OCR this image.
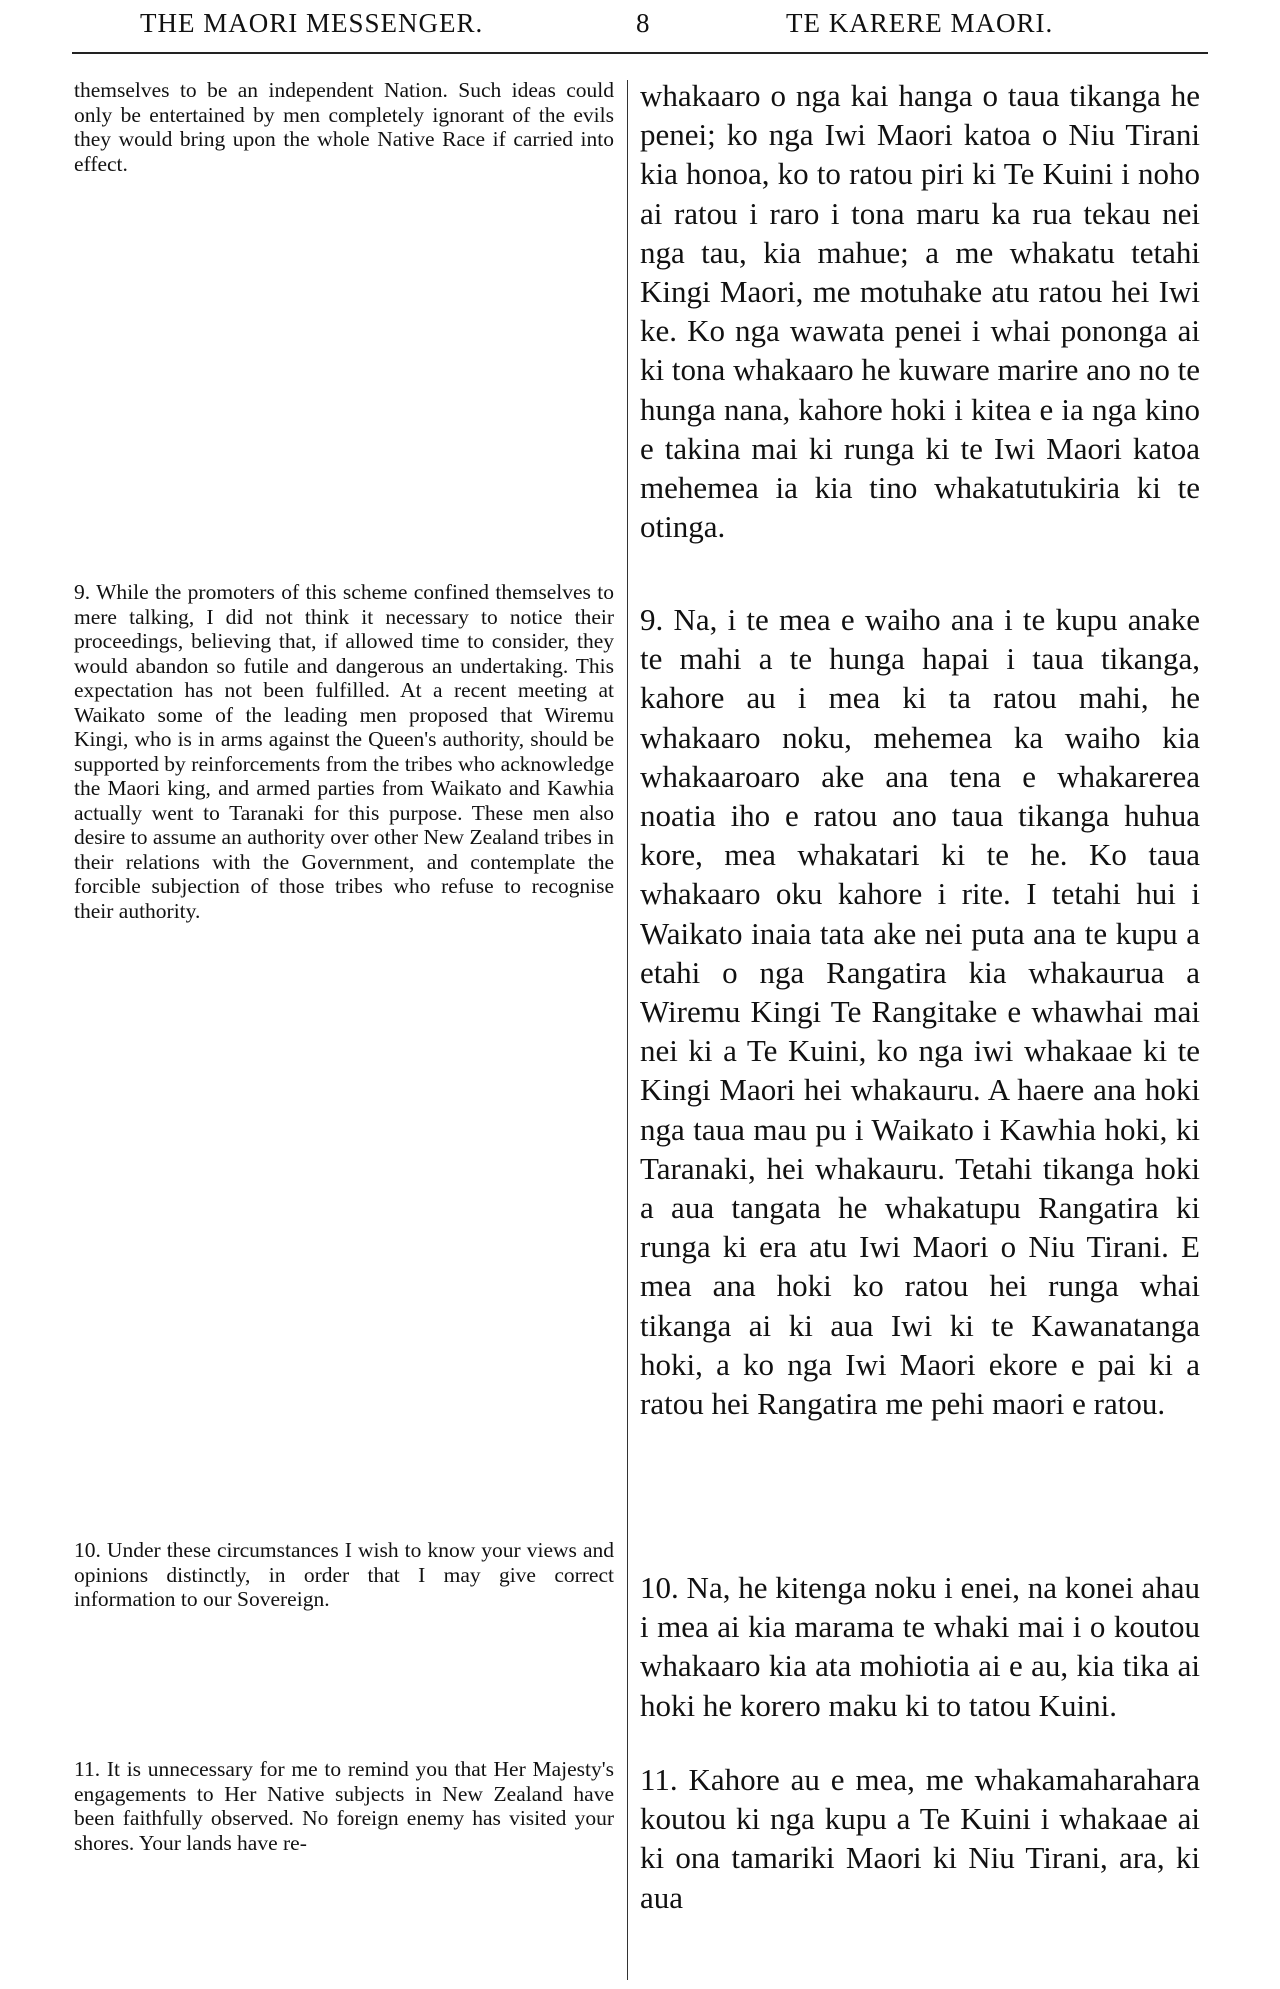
THE MAORI MESSENGER.	8	TE KARERE MAORI.

themselves to be an independent Nation. Such ideas could only be entertained by men completely ignorant of the evils they would bring upon the whole Native Race if carried into effect.

9. While the promoters of this scheme confined themselves to mere talking, I did not think it necessary to notice their proceedings, believing that, if allowed time to consider, they would abandon so futile and dangerous an undertaking. This expectation has not been fulfilled. At a recent meeting at Waikato some of the leading men proposed that Wiremu Kingi, who is in arms against the Queen's authority, should be supported by reinforcements from the tribes who acknowledge the Maori king, and armed parties from Waikato and Kawhia actually went to Taranaki for this purpose. These men also desire to assume an authority over other New Zealand tribes in their relations with the Government, and contemplate the forcible subjection of those tribes who refuse to recognise their authority.

10. Under these circumstances I wish to know your views and opinions distinctly, in order that I may give correct information to our Sovereign.

11. It is unnecessary for me to remind you that Her Majesty's engagements to Her Native subjects in New Zealand have been faithfully observed. No foreign enemy has visited your shores. Your lands have re-

whakaaro o nga kai hanga o taua tikanga he penei; ko nga Iwi Maori katoa o Niu Tirani kia honoa, ko to ratou piri ki Te Kuini i noho ai ratou i raro i tona maru ka rua tekau nei nga tau, kia mahue; a me whakatu tetahi Kingi Maori, me motuhake atu ratou hei Iwi ke. Ko nga wawata penei i whai pononga ai ki tona whakaaro he kuware marire ano no te hunga nana, kahore hoki i kitea e ia nga kino e takina mai ki runga ki te Iwi Maori katoa mehemea ia kia tino whakatutukiria ki te otinga.

9. Na, i te mea e waiho ana i te kupu anake te mahi a te hunga hapai i taua tikanga, kahore au i mea ki ta ratou mahi, he whakaaro noku, mehemea ka waiho kia whakaaroaro ake ana tena e whakarerea noatia iho e ratou ano taua tikanga huhua kore, mea whakatari ki te he. Ko taua whakaaro oku kahore i rite. I tetahi hui i Waikato inaia tata ake nei puta ana te kupu a etahi o nga Rangatira kia whakaurua a Wiremu Kingi Te Rangitake e whawhai mai nei ki a Te Kuini, ko nga iwi whakaae ki te Kingi Maori hei whakauru. A haere ana hoki nga taua mau pu i Waikato i Kawhia hoki, ki Taranaki, hei whakauru. Tetahi tikanga hoki a aua tangata he whakatupu Rangatira ki runga ki era atu Iwi Maori o Niu Tirani. E mea ana hoki ko ratou hei runga whai tikanga ai ki aua Iwi ki te Kawanatanga hoki, a ko nga Iwi Maori ekore e pai ki a ratou hei Rangatira me pehi maori e ratou.

10. Na, he kitenga noku i enei, na konei ahau i mea ai kia marama te whaki mai i o koutou whakaaro kia ata mohiotia ai e au, kia tika ai hoki he korero maku ki to tatou Kuini.

11. Kahore au e mea, me whakamaharahara koutou ki nga kupu a Te Kuini i whakaae ai ki ona tamariki Maori ki Niu Tirani, ara, ki aua
